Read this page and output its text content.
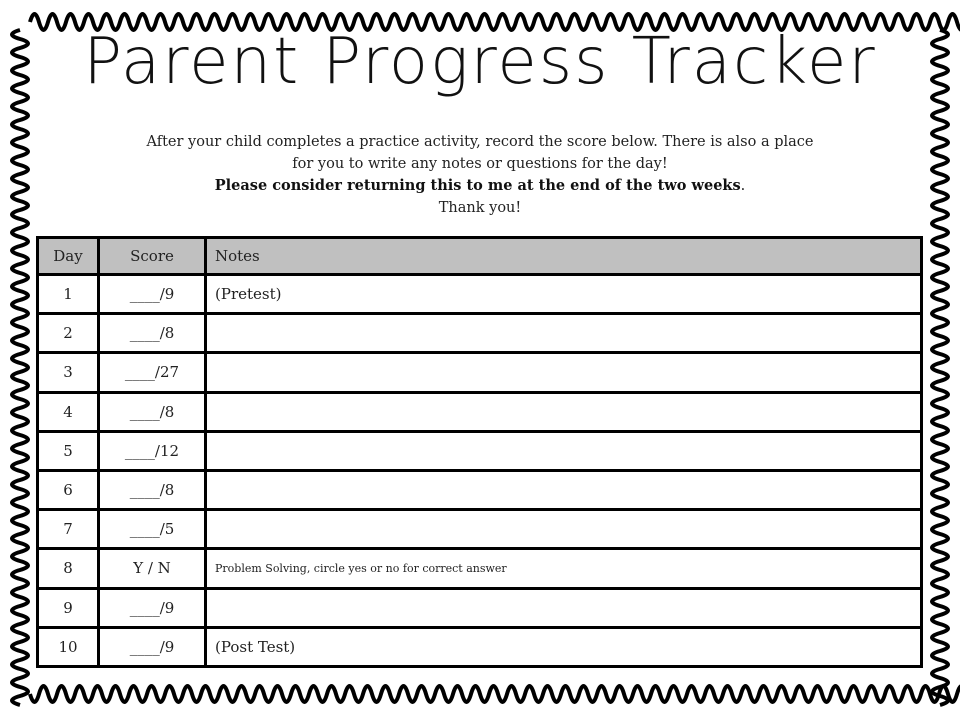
Parent Progress Tracker
After your child completes a practice activity, record the score below. There is also a place
for you to write any notes or questions for the day!
Please consider returning this to me at the end of the two weeks.
Thank you!
Day	Score	Notes
1	____/9	(Pretest)
2	____/8	
3	____/27	
4	____/8	
5	____/12	
6	____/8	
7	____/5	
8	Y / N	Problem Solving, circle yes or no for correct answer
9	____/9	
10	____/9	(Post Test)
